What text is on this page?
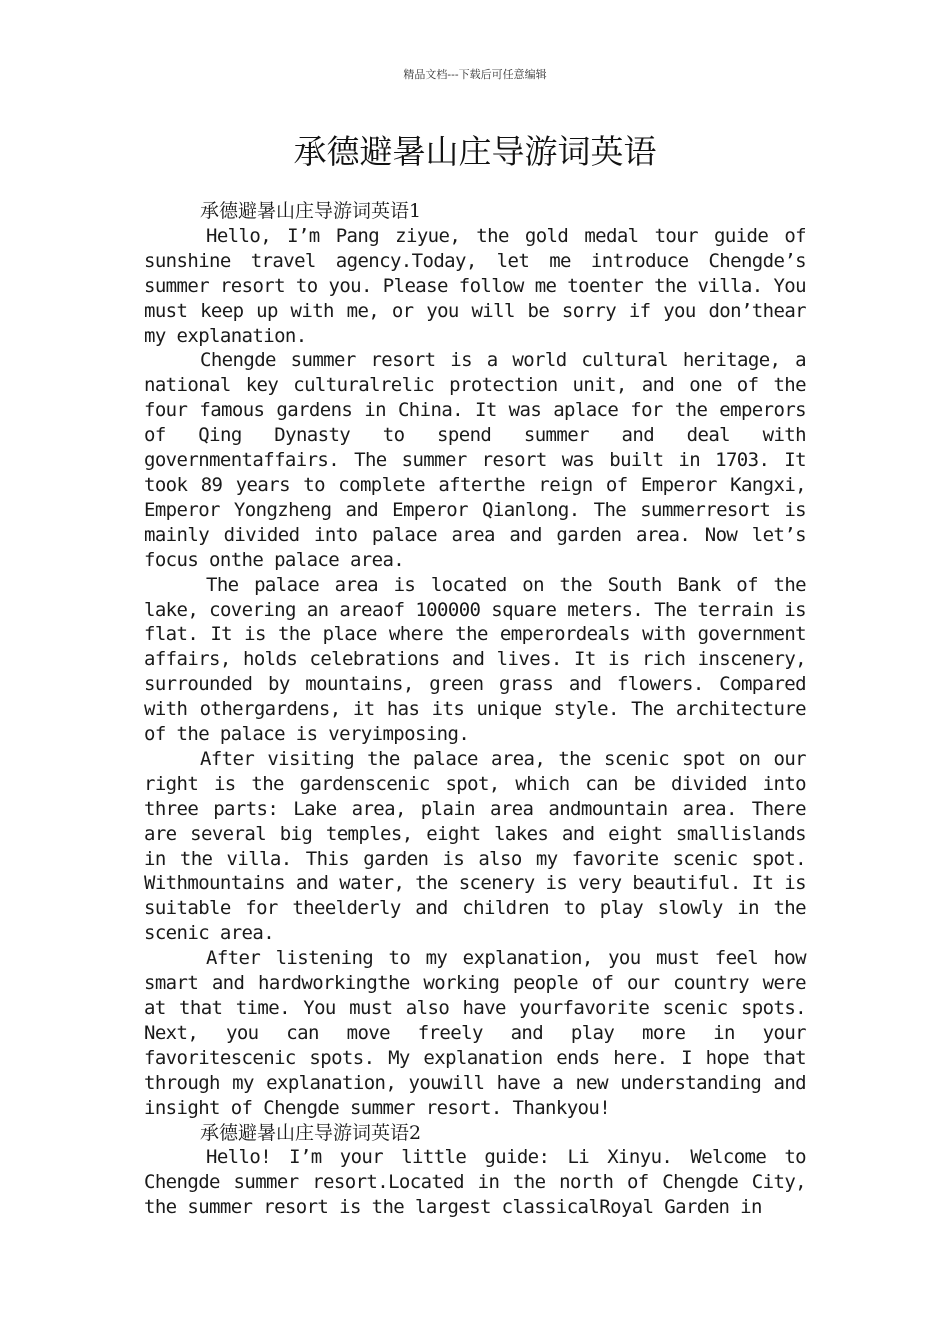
精品文档---下载后可任意编辑
承德避暑山庄导游词英语

承德避暑山庄导游词英语1

Hello, I’m Pang ziyue, the gold medal tour guide of sunshine travel agency.Today, let me introduce Chengde’s summer resort to you. Please follow me toenter the villa. You must keep up with me, or you will be sorry if you don’thear my explanation.

Chengde summer resort is a world cultural heritage, a national key culturalrelic protection unit, and one of the four famous gardens in China. It was aplace for the emperors of Qing Dynasty to spend summer and deal with governmentaffairs. The summer resort was built in 1703. It took 89 years to complete afterthe reign of Emperor Kangxi, Emperor Yongzheng and Emperor Qianlong. The summerresort is mainly divided into palace area and garden area. Now let’s focus onthe palace area.

The palace area is located on the South Bank of the lake, covering an areaof 100000 square meters. The terrain is flat. It is the place where the emperordeals with government affairs, holds celebrations and lives. It is rich inscenery, surrounded by mountains, green grass and flowers. Compared with othergardens, it has its unique style. The architecture of the palace is veryimposing.

After visiting the palace area, the scenic spot on our right is the gardenscenic spot, which can be divided into three parts: Lake area, plain area andmountain area. There are several big temples, eight lakes and eight smallislands in the villa. This garden is also my favorite scenic spot. Withmountains and water, the scenery is very beautiful. It is suitable for theelderly and children to play slowly in the scenic area.

After listening to my explanation, you must feel how smart and hardworkingthe working people of our country were at that time. You must also have yourfavorite scenic spots. Next, you can move freely and play more in your favoritescenic spots. My explanation ends here. I hope that through my explanation, youwill have a new understanding and insight of Chengde summer resort. Thankyou!

承德避暑山庄导游词英语2

Hello! I’m your little guide: Li Xinyu. Welcome to Chengde summer resort.Located in the north of Chengde City, the summer resort is the largest classicalRoyal Garden in
